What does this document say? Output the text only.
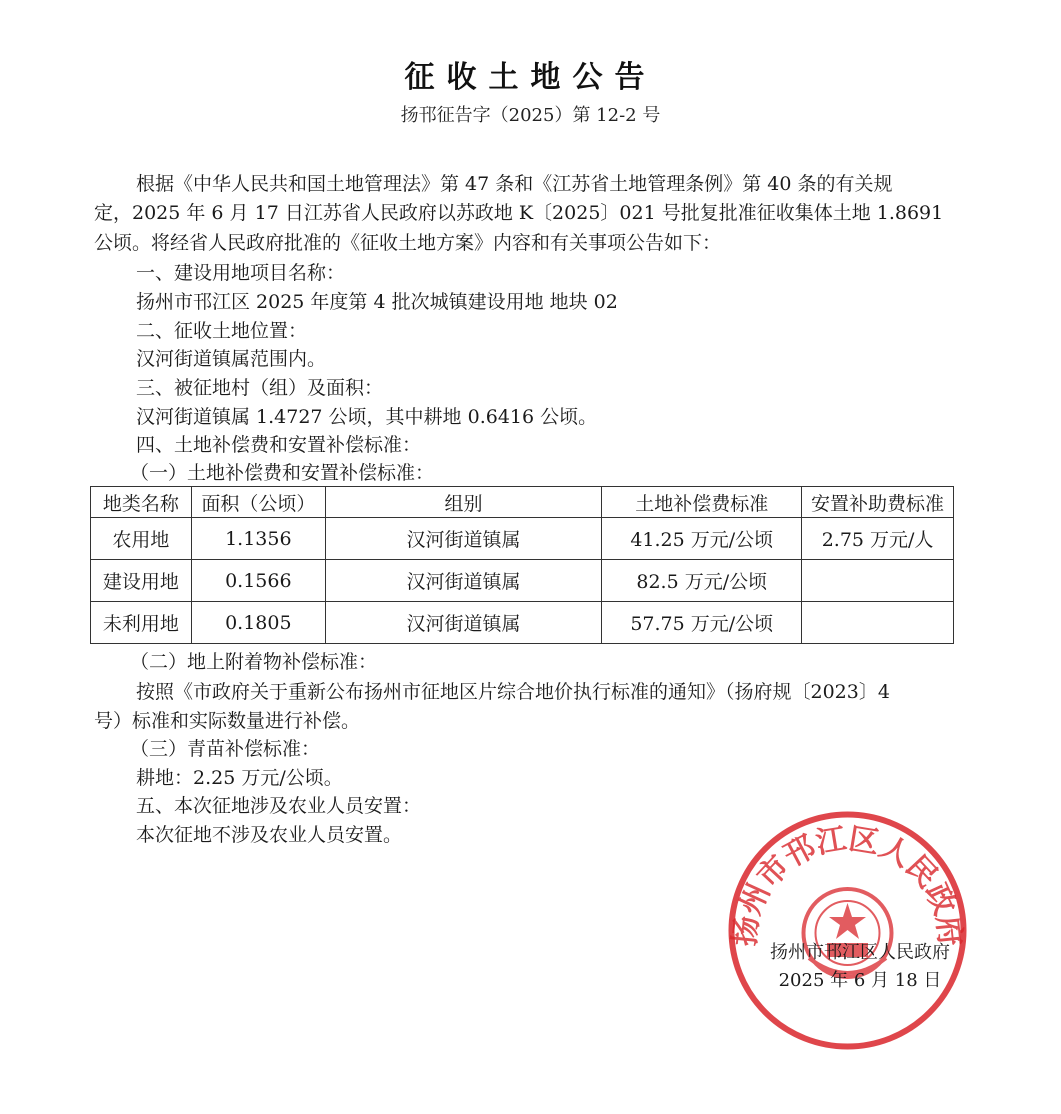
征收土地公告
扬邗征告字（2025）第 12-2 号
根据《中华人民共和国土地管理法》第 47 条和《江苏省土地管理条例》第 40 条的有关规
定，2025 年 6 月 17 日江苏省人民政府以苏政地 K〔2025〕021 号批复批准征收集体土地 1.8691
公顷。将经省人民政府批准的《征收土地方案》内容和有关事项公告如下：
一、建设用地项目名称：
扬州市邗江区 2025 年度第 4 批次城镇建设用地 地块 02
二、征收土地位置：
汉河街道镇属范围内。
三、被征地村（组）及面积：
汉河街道镇属 1.4727 公顷，其中耕地 0.6416 公顷。
四、土地补偿费和安置补偿标准：
（一）土地补偿费和安置补偿标准：
地类名称	面积（公顷）	组别	土地补偿费标准	安置补助费标准
农用地	1.1356	汉河街道镇属	41.25 万元/公顷	2.75 万元/人
建设用地	0.1566	汉河街道镇属	82.5 万元/公顷	
未利用地	0.1805	汉河街道镇属	57.75 万元/公顷	
（二）地上附着物补偿标准：
按照《市政府关于重新公布扬州市征地区片综合地价执行标准的通知》（扬府规〔2023〕4
号）标准和实际数量进行补偿。
（三）青苗补偿标准：
耕地：2.25 万元/公顷。
五、本次征地涉及农业人员安置：
本次征地不涉及农业人员安置。
扬州市邗江区人民政府
扬州市邗江区人民政府
2025 年 6 月 18 日
